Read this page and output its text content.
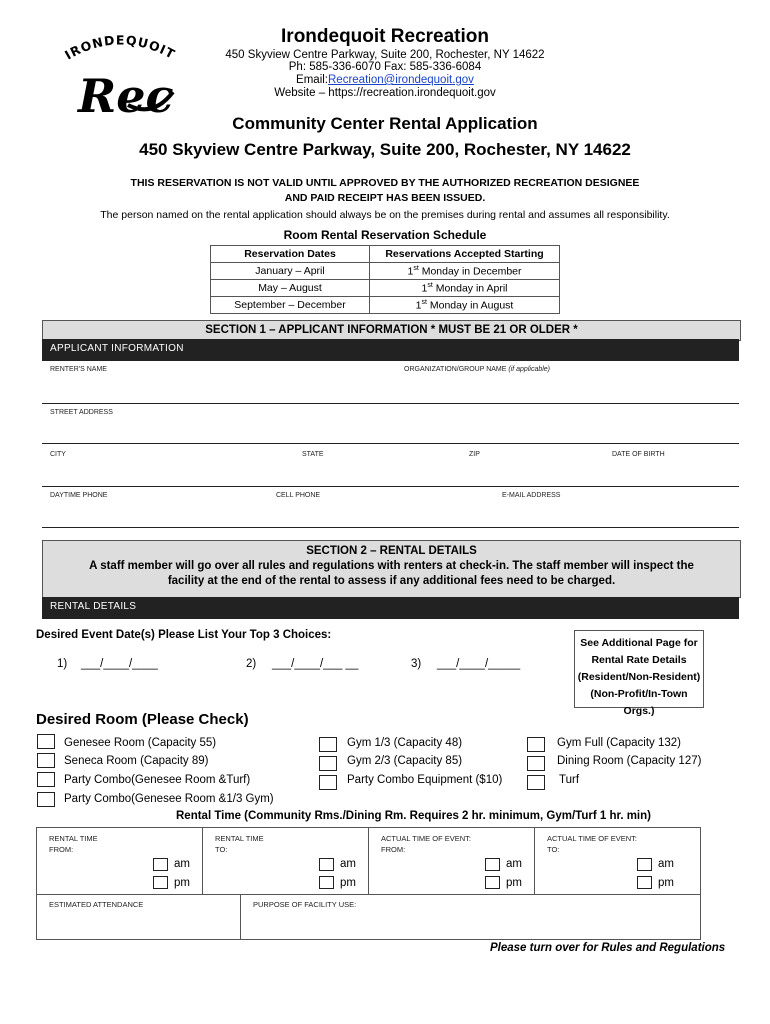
IRONDEQUOIT
Rec
Irondequoit Recreation
450 Skyview Centre Parkway, Suite 200, Rochester, NY 14622
Ph: 585-336-6070 Fax: 585-336-6084
Email:Recreation@irondequoit.gov
Website – https://recreation.irondequoit.gov
Community Center Rental Application
450 Skyview Centre Parkway, Suite 200, Rochester, NY 14622
THIS RESERVATION IS NOT VALID UNTIL APPROVED BY THE AUTHORIZED RECREATION DESIGNEE
AND PAID RECEIPT HAS BEEN ISSUED.
The person named on the rental application should always be on the premises during rental and assumes all responsibility.
Room Rental Reservation Schedule
Reservation Dates	Reservations Accepted Starting
January – April	1st Monday in December
May – August	1st Monday in April
September – December	1st Monday in August
SECTION 1 – APPLICANT INFORMATION * MUST BE 21 OR OLDER *
APPLICANT INFORMATION
RENTER'S NAME	ORGANIZATION/GROUP NAME (if applicable)
STREET ADDRESS
CITY	STATE	ZIP	DATE OF BIRTH
DAYTIME PHONE	CELL PHONE	E-MAIL ADDRESS
SECTION 2 – RENTAL DETAILS
A staff member will go over all rules and regulations with renters at check-in. The staff member will inspect the
facility at the end of the rental to assess if any additional fees need to be charged.
RENTAL DETAILS
Desired Event Date(s) Please List Your Top 3 Choices:
1) ___/____/____	2) ___/____/___ __	3) ___/____/_____
See Additional Page for
Rental Rate Details
(Resident/Non-Resident)
(Non-Profit/In-Town Orgs.)
Desired Room (Please Check)
Genesee Room (Capacity 55)
Seneca Room (Capacity 89)
Party Combo(Genesee Room &Turf)
Party Combo(Genesee Room &1/3 Gym)
Gym 1/3 (Capacity 48)
Gym 2/3 (Capacity 85)
Party Combo Equipment ($10)
Gym Full (Capacity 132)
Dining Room (Capacity 127)
Turf
Rental Time (Community Rms./Dining Rm. Requires 2 hr. minimum, Gym/Turf 1 hr. min)
RENTAL TIME
FROM:
am
pm
RENTAL TIME
TO:
am
pm
ACTUAL TIME OF EVENT:
FROM:
am
pm
ACTUAL TIME OF EVENT:
TO:
am
pm
ESTIMATED ATTENDANCE	PURPOSE OF FACILITY USE:
Please turn over for Rules and Regulations
